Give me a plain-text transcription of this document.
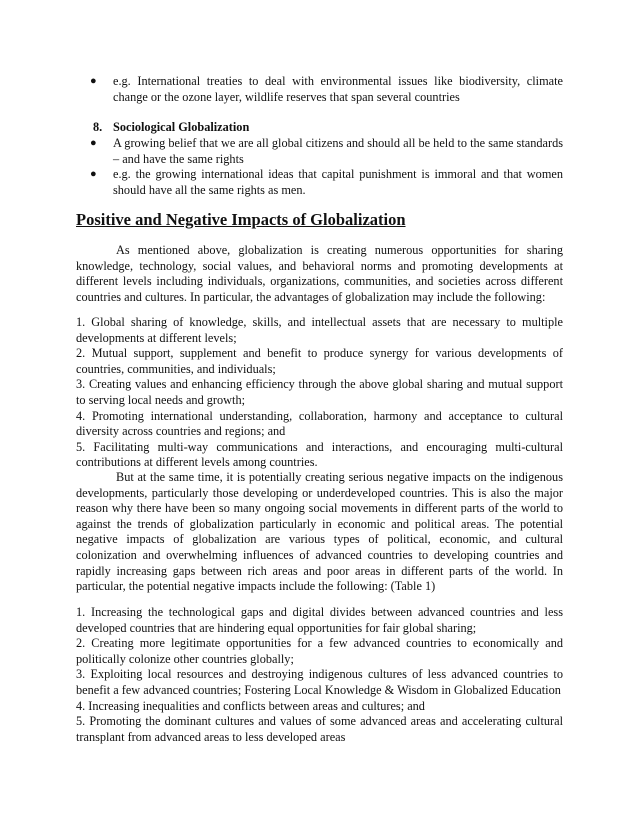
● e.g. International treaties to deal with environmental issues like biodiversity, climate change or the ozone layer, wildlife reserves that span several countries
8. Sociological Globalization
● A growing belief that we are all global citizens and should all be held to the same standards – and have the same rights
● e.g. the growing international ideas that capital punishment is immoral and that women should have all the same rights as men.
Positive and Negative Impacts of Globalization
As mentioned above, globalization is creating numerous opportunities for sharing knowledge, technology, social values, and behavioral norms and promoting developments at different levels including individuals, organizations, communities, and societies across different countries and cultures. In particular, the advantages of globalization may include the following:

1. Global sharing of knowledge, skills, and intellectual assets that are necessary to multiple developments at different levels;

2. Mutual support, supplement and benefit to produce synergy for various developments of countries, communities, and individuals;

3. Creating values and enhancing efficiency through the above global sharing and mutual support to serving local needs and growth;

4. Promoting international understanding, collaboration, harmony and acceptance to cultural diversity across countries and regions; and

5. Facilitating multi-way communications and interactions, and encouraging multi-cultural contributions at different levels among countries.

But at the same time, it is potentially creating serious negative impacts on the indigenous developments, particularly those developing or underdeveloped countries. This is also the major reason why there have been so many ongoing social movements in different parts of the world to against the trends of globalization particularly in economic and political areas. The potential negative impacts of globalization are various types of political, economic, and cultural colonization and overwhelming influences of advanced countries to developing countries and rapidly increasing gaps between rich areas and poor areas in different parts of the world. In particular, the potential negative impacts include the following: (Table 1)

1. Increasing the technological gaps and digital divides between advanced countries and less developed countries that are hindering equal opportunities for fair global sharing;

2. Creating more legitimate opportunities for a few advanced countries to economically and politically colonize other countries globally;

3. Exploiting local resources and destroying indigenous cultures of less advanced countries to benefit a few advanced countries; Fostering Local Knowledge & Wisdom in Globalized Education

4. Increasing inequalities and conflicts between areas and cultures; and

5. Promoting the dominant cultures and values of some advanced areas and accelerating cultural transplant from advanced areas to less developed areas
